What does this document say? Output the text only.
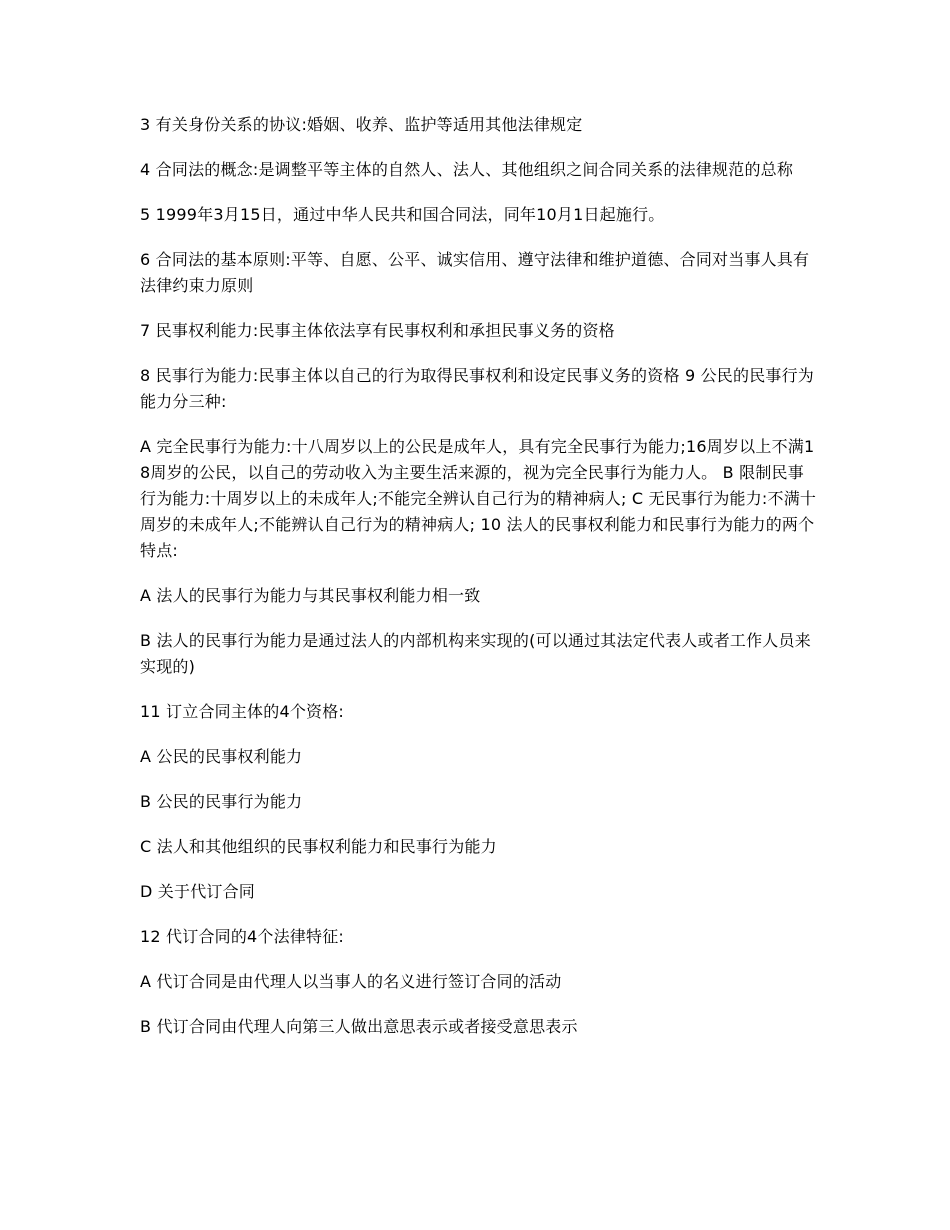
3 有关身份关系的协议:婚姻、收养、监护等适用其他法律规定

4 合同法的概念:是调整平等主体的自然人、法人、其他组织之间合同关系的法律规范的总称

5 1999年3月15日，通过中华人民共和国合同法，同年10月1日起施行。

6 合同法的基本原则:平等、自愿、公平、诚实信用、遵守法律和维护道德、合同对当事人具有法律约束力原则

7 民事权利能力:民事主体依法享有民事权利和承担民事义务的资格

8 民事行为能力:民事主体以自己的行为取得民事权利和设定民事义务的资格 9 公民的民事行为能力分三种:

A 完全民事行为能力:十八周岁以上的公民是成年人，具有完全民事行为能力;16周岁以上不满18周岁的公民，以自己的劳动收入为主要生活来源的，视为完全民事行为能力人。 B 限制民事行为能力:十周岁以上的未成年人;不能完全辨认自己行为的精神病人; C 无民事行为能力:不满十周岁的未成年人;不能辨认自己行为的精神病人; 10 法人的民事权利能力和民事行为能力的两个特点:

A 法人的民事行为能力与其民事权利能力相一致

B 法人的民事行为能力是通过法人的内部机构来实现的(可以通过其法定代表人或者工作人员来实现的)

11 订立合同主体的4个资格:

A 公民的民事权利能力

B 公民的民事行为能力

C 法人和其他组织的民事权利能力和民事行为能力

D 关于代订合同

12 代订合同的4个法律特征:

A 代订合同是由代理人以当事人的名义进行签订合同的活动

B 代订合同由代理人向第三人做出意思表示或者接受意思表示
